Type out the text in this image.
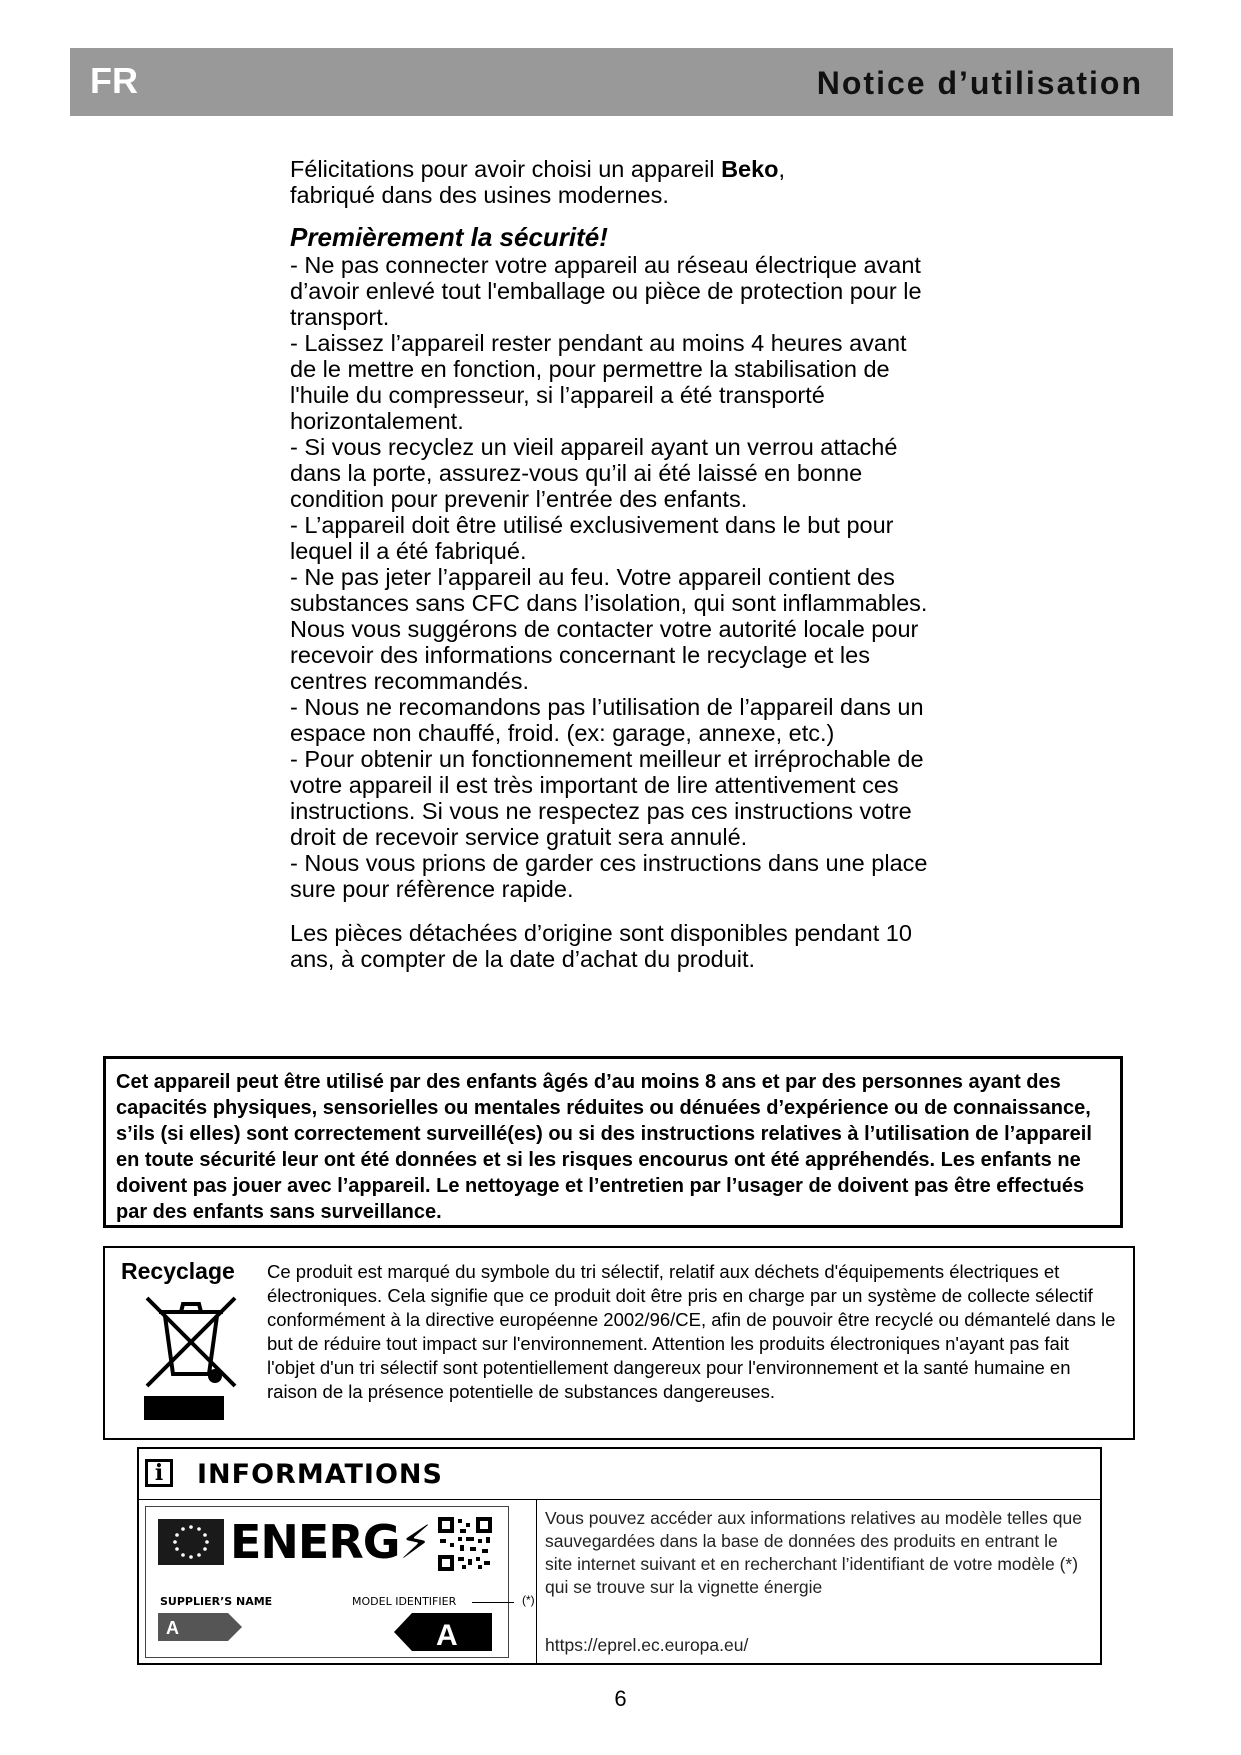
FR	Notice d’utilisation

Félicitations pour avoir choisi un appareil Beko,
fabriqué dans des usines modernes.

Premièrement la sécurité!

- Ne pas connecter votre appareil au réseau électrique avant d’avoir enlevé tout l'emballage ou pièce de protection pour le transport.

- Laissez l’appareil rester pendant au moins 4 heures avant de le mettre en fonction, pour permettre la stabilisation de l'huile du compresseur, si l’appareil a été transporté horizontalement.

- Si vous recyclez un vieil appareil ayant un verrou attaché dans la porte, assurez-vous qu’il ai été laissé en bonne condition pour prevenir l’entrée des enfants.

- L’appareil doit être utilisé exclusivement dans le but pour lequel il a été fabriqué.

- Ne pas jeter l’appareil au feu. Votre appareil contient des substances sans CFC dans l’isolation, qui sont inflammables. Nous vous suggérons de contacter votre autorité locale pour recevoir des informations concernant le recyclage et les centres recommandés.

- Nous ne recomandons pas l’utilisation de l’appareil dans un espace non chauffé, froid. (ex: garage, annexe, etc.)

- Pour obtenir un fonctionnement meilleur et irréprochable de votre appareil il est très important de lire attentivement ces instructions. Si vous ne respectez pas ces instructions votre droit de recevoir service gratuit sera annulé.

- Nous vous prions de garder ces instructions dans une place sure pour réfèrence rapide.

Les pièces détachées d’origine sont disponibles pendant 10 ans, à compter de la date d’achat du produit.

Cet appareil peut être utilisé par des enfants âgés d’au moins 8 ans et par des personnes ayant des capacités physiques, sensorielles ou mentales réduites ou dénuées d’expérience ou de connaissance, s’ils (si elles) sont correctement surveillé(es) ou si des instructions relatives à l’utilisation de l’appareil en toute sécurité leur ont été données et si les risques encourus ont été appréhendés. Les enfants ne doivent pas jouer avec l’appareil. Le nettoyage et l’entretien par l’usager de doivent pas être effectués par des enfants sans surveillance.
Recyclage Ce produit est marqué du symbole du tri sélectif, relatif aux déchets d'équipements électriques et électroniques. Cela signifie que ce produit doit être pris en charge par un système de collecte sélectif conformément à la directive européenne 2002/96/CE, afin de pouvoir être recyclé ou démantelé dans le but de réduire tout impact sur l'environnement. Attention les produits électroniques n'ayant pas fait l'objet d'un tri sélectif sont potentiellement dangereux pour l'environnement et la santé humaine en raison de la présence potentielle de substances dangereuses.
i	INFORMATIONS
ENERG⚡
SUPPLIER’S NAME	MODEL IDENTIFIER	(*)
A	A
Vous pouvez accéder aux informations relatives au modèle telles que sauvegardées dans la base de données des produits en entrant le site internet suivant et en recherchant l’identifiant de votre modèle (*) qui se trouve sur la vignette énergie
https://eprel.ec.europa.eu/
6
